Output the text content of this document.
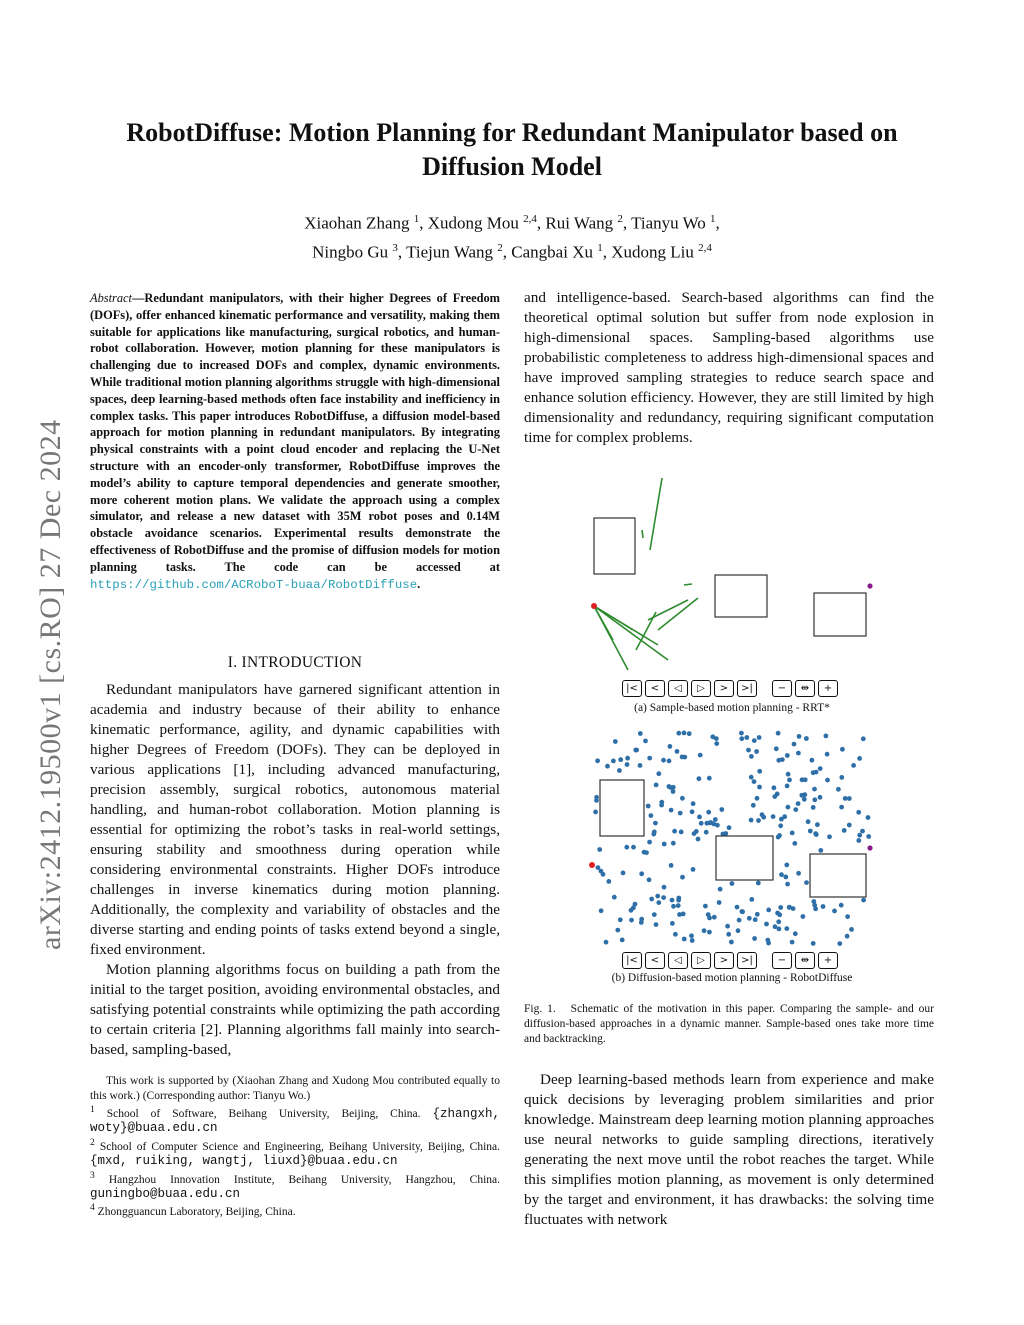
RobotDiffuse: Motion Planning for Redundant Manipulator based on Diffusion Model
Xiaohan Zhang $^1$, Xudong Mou $^{2,4}$, Rui Wang $^2$, Tianyu Wo $^1$,
Ningbo Gu $^3$, Tiejun Wang $^2$, Cangbai Xu $^1$, Xudong Liu $^{2,4}$
arXiv:2412.19500v1 [cs.RO] 27 Dec 2024
Abstract—Redundant manipulators, with their higher Degrees of Freedom (DOFs), offer enhanced kinematic performance and versatility, making them suitable for applications like manufacturing, surgical robotics, and human-robot collaboration. However, motion planning for these manipulators is challenging due to increased DOFs and complex, dynamic environments. While traditional motion planning algorithms struggle with high-dimensional spaces, deep learning-based methods often face instability and inefficiency in complex tasks. This paper introduces RobotDiffuse, a diffusion model-based approach for motion planning in redundant manipulators. By integrating physical constraints with a point cloud encoder and replacing the U-Net structure with an encoder-only transformer, RobotDiffuse improves the model’s ability to capture temporal dependencies and generate smoother, more coherent motion plans. We validate the approach using a complex simulator, and release a new dataset with 35M robot poses and 0.14M obstacle avoidance scenarios. Experimental results demonstrate the effectiveness of RobotDiffuse and the promise of diffusion models for motion planning tasks. The code can be accessed at https://github.com/ACRoboT-buaa/RobotDiffuse.
I. INTRODUCTION

Redundant manipulators have garnered significant attention in academia and industry because of their ability to enhance kinematic performance, agility, and dynamic capabilities with higher Degrees of Freedom (DOFs). They can be deployed in various applications [1], including advanced manufacturing, precision assembly, surgical robotics, autonomous material handling, and human-robot collaboration. Motion planning is essential for optimizing the robot’s tasks in real-world settings, ensuring stability and smoothness during operation while considering environmental constraints. Higher DOFs introduce challenges in inverse kinematics during motion planning. Additionally, the complexity and variability of obstacles and the diverse starting and ending points of tasks extend beyond a single, fixed environment.

Motion planning algorithms focus on building a path from the initial to the target position, avoiding environmental obstacles, and satisfying potential constraints while optimizing the path according to certain criteria [2]. Planning algorithms fall mainly into search-based, sampling-based,

This work is supported by (Xiaohan Zhang and Xudong Mou contributed equally to this work.) (Corresponding author: Tianyu Wo.)

$^1$ School of Software, Beihang University, Beijing, China. {zhangxh, woty}@buaa.edu.cn

$^2$ School of Computer Science and Engineering, Beihang University, Beijing, China. {mxd, ruiking, wangtj, liuxd}@buaa.edu.cn

$^3$ Hangzhou Innovation Institute, Beihang University, Hangzhou, China. guningbo@buaa.edu.cn

$^4$ Zhongguancun Laboratory, Beijing, China.

and intelligence-based. Search-based algorithms can find the theoretical optimal solution but suffer from node explosion in high-dimensional spaces. Sampling-based algorithms use probabilistic completeness to address high-dimensional spaces and have improved sampling strategies to reduce search space and enhance solution efficiency. However, they are still limited by high dimensionality and redundancy, requiring significant computation time for complex problems.

|<	<	◁	▷	>	>|	−	⇹	+
(a) Sample-based motion planning - RRT*
|<	<	◁	▷	>	>|	−	⇹	+
(b) Diffusion-based motion planning - RobotDiffuse
Fig. 1. Schematic of the motivation in this paper. Comparing the sample- and our diffusion-based approaches in a dynamic manner. Sample-based ones take more time and backtracking.

Deep learning-based methods learn from experience and make quick decisions by leveraging problem similarities and prior knowledge. Mainstream deep learning motion planning approaches use neural networks to guide sampling directions, iteratively generating the next move until the robot reaches the target. While this simplifies motion planning, as movement is only determined by the target and environment, it has drawbacks: the solving time fluctuates with network
